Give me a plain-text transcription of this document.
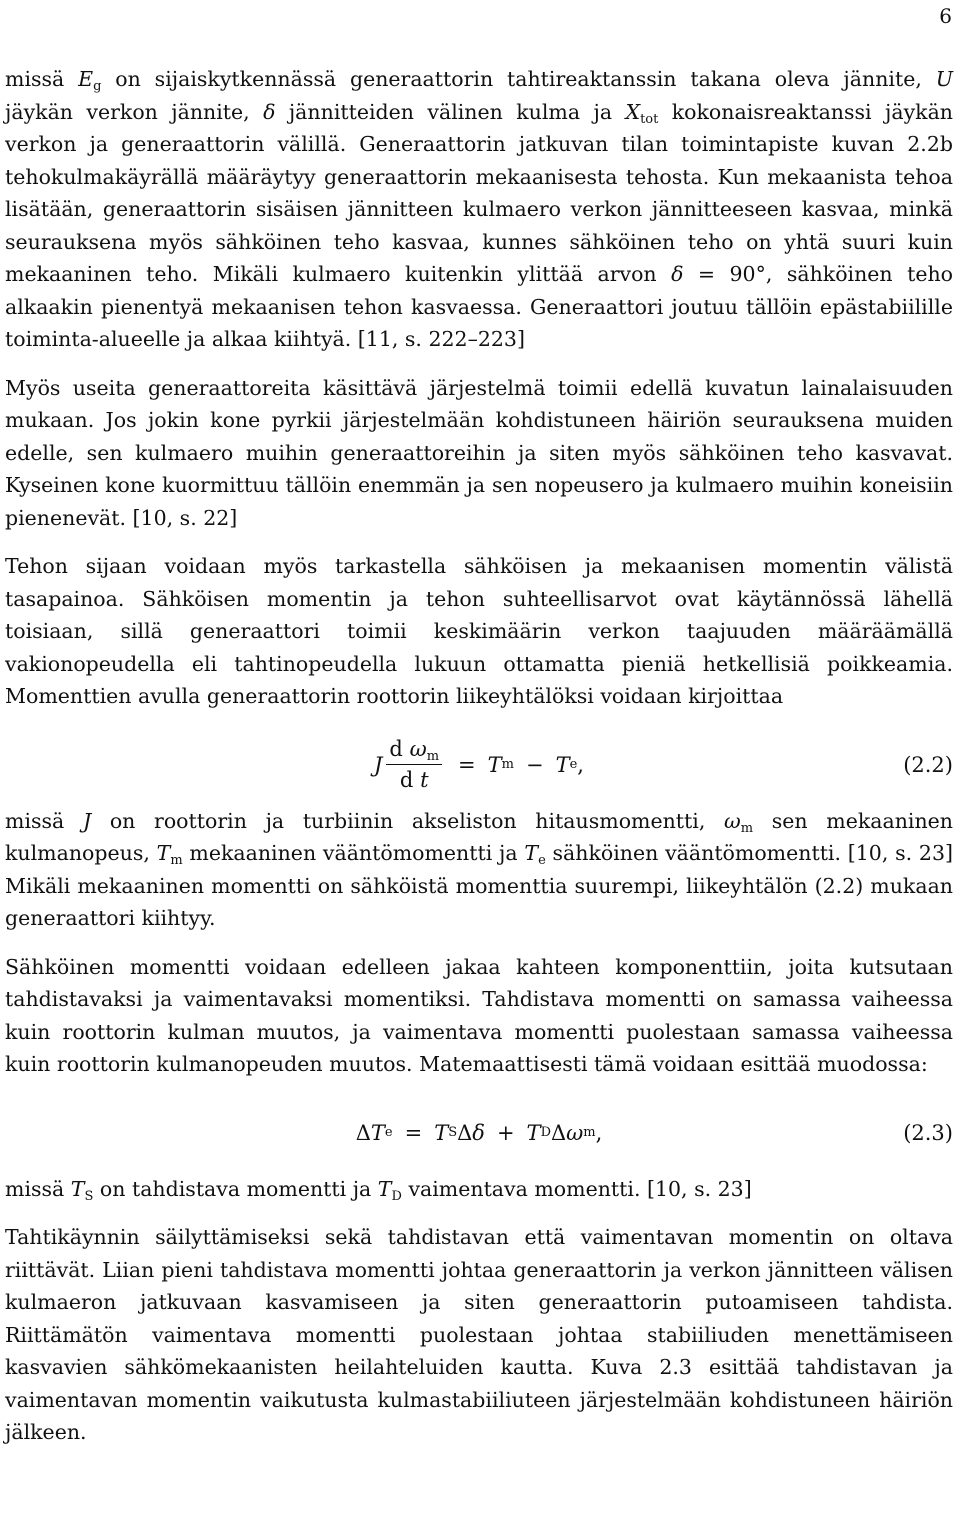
6

missä $E_g$ on sijaiskytkennässä generaattorin tahtireaktanssin takana oleva jännite, U jäykän verkon jännite, δ jännitteiden välinen kulma ja $X_{tot}$ kokonaisreaktanssi jäykän verkon ja generaattorin välillä. Generaattorin jatkuvan tilan toimintapiste kuvan 2.2b tehokulmakäyrällä määräytyy generaattorin mekaanisesta tehosta. Kun mekaanista tehoa lisätään, generaattorin sisäisen jännitteen kulmaero verkon jännitteeseen kasvaa, minkä seurauksena myös sähköinen teho kasvaa, kunnes sähköinen teho on yhtä suuri kuin mekaaninen teho. Mikäli kulmaero kuitenkin ylittää arvon δ = 90°, sähköinen teho alkaakin pienentyä mekaanisen tehon kasvaessa. Generaattori joutuu tällöin epästabiilille toiminta-alueelle ja alkaa kiihtyä. [11, s. 222–223]

Myös useita generaattoreita käsittävä järjestelmä toimii edellä kuvatun lainalaisuuden mukaan. Jos jokin kone pyrkii järjestelmään kohdistuneen häiriön seurauksena muiden edelle, sen kulmaero muihin generaattoreihin ja siten myös sähköinen teho kasvavat. Kyseinen kone kuormittuu tällöin enemmän ja sen nopeusero ja kulmaero muihin koneisiin pienenevät. [10, s. 22]

Tehon sijaan voidaan myös tarkastella sähköisen ja mekaanisen momentin välistä tasapainoa. Sähköisen momentin ja tehon suhteellisarvot ovat käytännössä lähellä toisiaan, sillä generaattori toimii keskimäärin verkon taajuuden määräämällä vakionopeudella eli tahtinopeudella lukuun ottamatta pieniä hetkellisiä poikkeamia. Momenttien avulla generaattorin roottorin liikeyhtälöksi voidaan kirjoittaa

J $\frac{d \omega_m}{\text{d t}} = T$ m − T e ,	(2.2)

missä J on roottorin ja turbiinin akseliston hitausmomentti, $\omega_m$ sen mekaaninen kulmanopeus, $T_m$ mekaaninen vääntömomentti ja $T_e$ sähköinen vääntömomentti. [10, s. 23] Mikäli mekaaninen momentti on sähköistä momenttia suurempi, liikeyhtälön (2.2) mukaan generaattori kiihtyy.

Sähköinen momentti voidaan edelleen jakaa kahteen komponenttiin, joita kutsutaan tahdistavaksi ja vaimentavaksi momentiksi. Tahdistava momentti on samassa vaiheessa kuin roottorin kulman muutos, ja vaimentava momentti puolestaan samassa vaiheessa kuin roottorin kulmanopeuden muutos. Matemaattisesti tämä voidaan esittää muodossa:

Δ T e = T S Δ δ + T D Δ ω m ,	(2.3)

missä $T_S$ on tahdistava momentti ja $T_D$ vaimentava momentti. [10, s. 23]

Tahtikäynnin säilyttämiseksi sekä tahdistavan että vaimentavan momentin on oltava riittävät. Liian pieni tahdistava momentti johtaa generaattorin ja verkon jännitteen välisen kulmaeron jatkuvaan kasvamiseen ja siten generaattorin putoamiseen tahdista. Riittämätön vaimentava momentti puolestaan johtaa stabiiliuden menettämiseen kasvavien sähkömekaanisten heilahteluiden kautta. Kuva 2.3 esittää tahdistavan ja vaimentavan momentin vaikutusta kulmastabiiliuteen järjestelmään kohdistuneen häiriön jälkeen.
